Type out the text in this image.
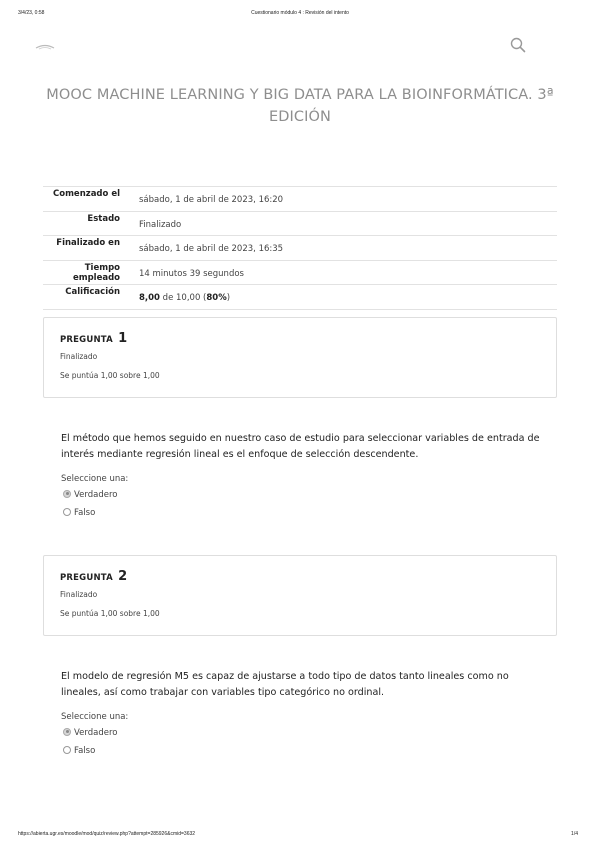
3/4/23, 0:58	Cuestionario módulo 4 : Revisión del intento
MOOC MACHINE LEARNING Y BIG DATA PARA LA BIOINFORMÁTICA. 3ª EDICIÓN
Comenzado el	sábado, 1 de abril de 2023, 16:20
Estado	Finalizado
Finalizado en	sábado, 1 de abril de 2023, 16:35
Tiempo empleado	14 minutos 39 segundos
Calificación	8,00 de 10,00 (80%)
PREGUNTA 1
Finalizado
Se puntúa 1,00 sobre 1,00
El método que hemos seguido en nuestro caso de estudio para seleccionar variables de entrada de interés mediante regresión lineal es el enfoque de selección descendente.
Seleccione una:
Verdadero
Falso
PREGUNTA 2
Finalizado
Se puntúa 1,00 sobre 1,00
El modelo de regresión M5 es capaz de ajustarse a todo tipo de datos tanto lineales como no lineales, así como trabajar con variables tipo categórico no ordinal.
Seleccione una:
Verdadero
Falso
https://abierta.ugr.es/moodle/mod/quiz/review.php?attempt=285926&cmid=3632	1/4
